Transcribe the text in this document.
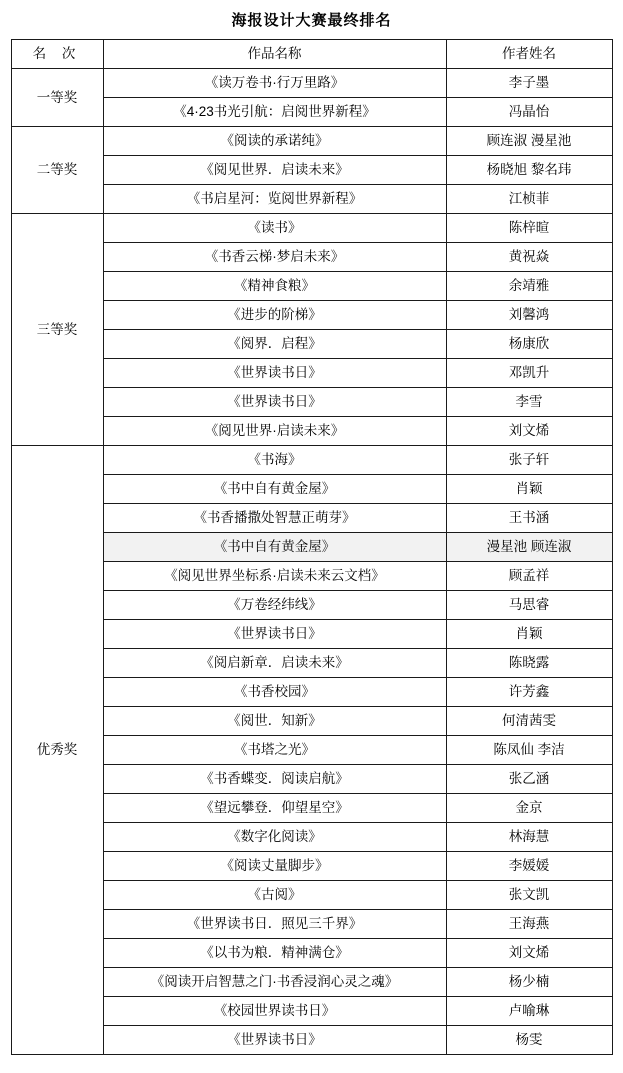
海报设计大赛最终排名
名 次	作品名称	作者姓名
一等奖	《读万卷书·行万里路》	李子墨
	《4·23书光引航：启阅世界新程》	冯晶怡
二等奖	《阅读的承诺纯》	顾连淑 漫星池
	《阅见世界．启读未来》	杨晓旭 黎名玮
	《书启星河：览阅世界新程》	江桢菲
三等奖	《读书》	陈梓暄
	《书香云梯·梦启未来》	黄祝焱
	《精神食粮》	余靖雅
	《进步的阶梯》	刘馨鸿
	《阅界．启程》	杨康欣
	《世界读书日》	邓凯升
	《世界读书日》	李雪
	《阅见世界·启读未来》	刘文烯
优秀奖	《书海》	张子轩
	《书中自有黄金屋》	肖颖
	《书香播撒处智慧正萌芽》	王书涵
	《书中自有黄金屋》	漫星池 顾连淑
	《阅见世界坐标系·启读未来云文档》	顾孟祥
	《万卷经纬线》	马思睿
	《世界读书日》	肖颖
	《阅启新章．启读未来》	陈晓露
	《书香校园》	许芳鑫
	《阅世．知新》	何清茜雯
	《书塔之光》	陈凤仙 李洁
	《书香蝶变．阅读启航》	张乙涵
	《望远攀登．仰望星空》	金京
	《数字化阅读》	林海慧
	《阅读丈量脚步》	李媛媛
	《古阅》	张文凯
	《世界读书日．照见三千界》	王海燕
	《以书为粮．精神满仓》	刘文烯
	《阅读开启智慧之门·书香浸润心灵之魂》	杨少楠
	《校园世界读书日》	卢喻琳
	《世界读书日》	杨雯
